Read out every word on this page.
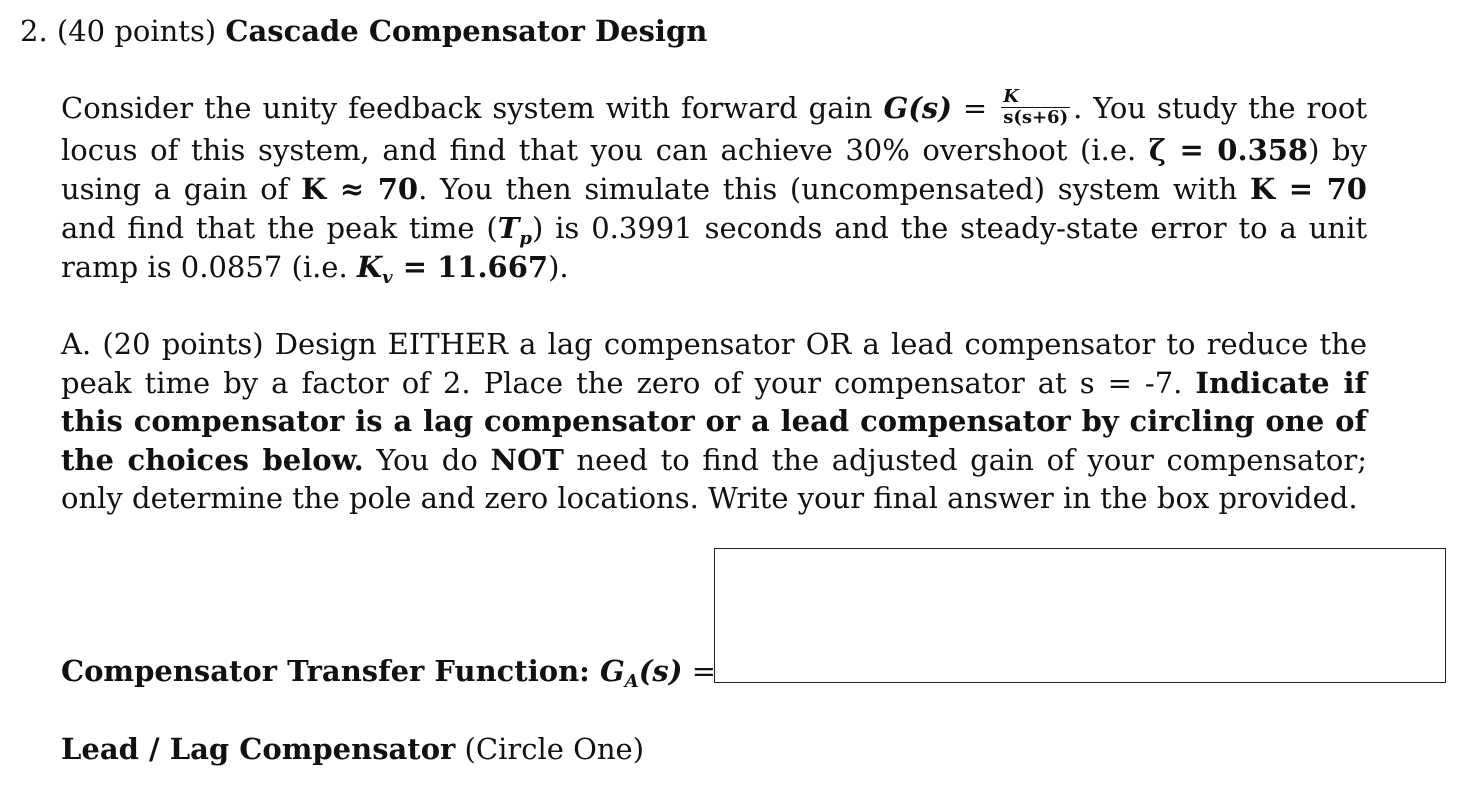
2. (40 points) Cascade Compensator Design
Consider the unity feedback system with forward gain $G(s) = \frac{K}{s(s+6)}$ . You study the root locus of this system, and find that you can achieve 30% overshoot (i.e. ζ = 0.358) by using a gain of K ≈ 70. You then simulate this (uncompensated) system with K = 70 and find that the peak time $(T_p)$ is 0.3991 seconds and the steady-state error to a unit ramp is 0.0857 (i.e. $K_v = 11.667$).
A. (20 points) Design EITHER a lag compensator OR a lead compensator to reduce the peak time by a factor of 2. Place the zero of your compensator at s = -7. Indicate if this compensator is a lag compensator or a lead compensator by circling one of the choices below. You do NOT need to find the adjusted gain of your compensator; only determine the pole and zero locations. Write your final answer in the box provided.
Compensator Transfer Function: $G_A(s)$ =
Lead / Lag Compensator (Circle One)
